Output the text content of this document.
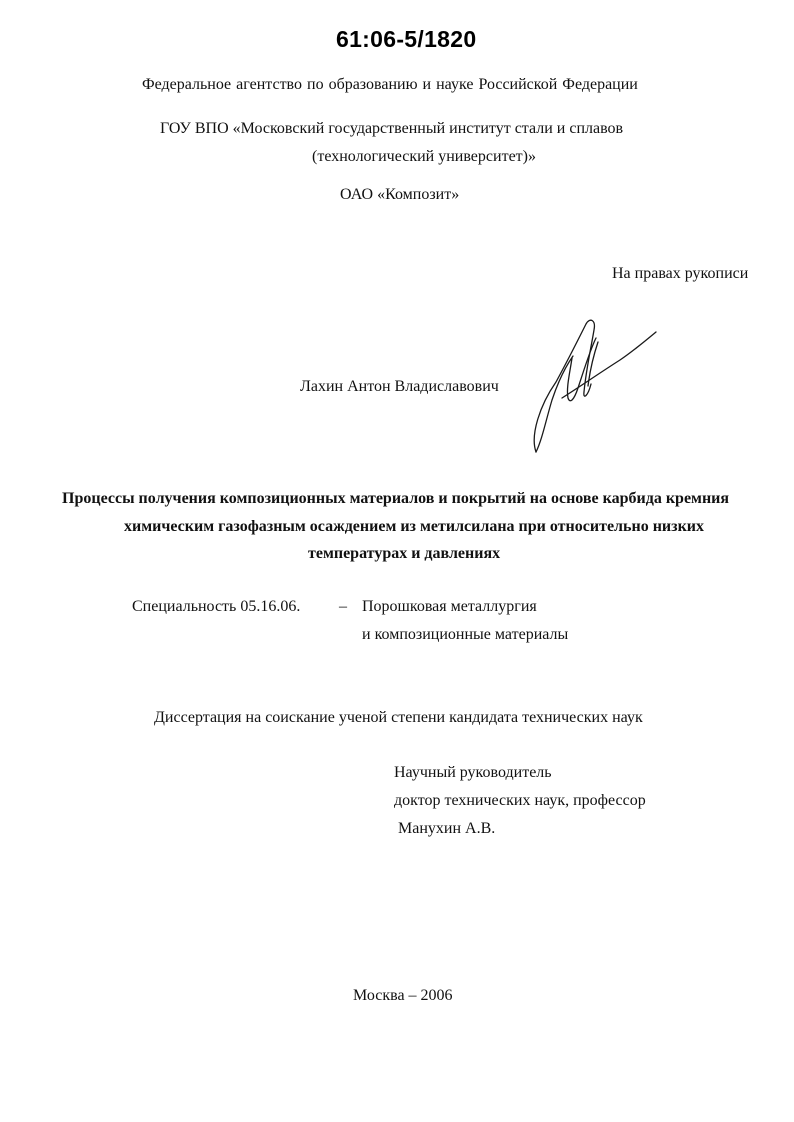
61:06-5/1820
Федеральное агентство по образованию и науке Российской Федерации
ГОУ ВПО «Московский государственный институт стали и сплавов
(технологический университет)»
ОАО «Композит»
На правах рукописи
Лахин Антон Владиславович
Процессы получения композиционных материалов и покрытий на основе карбида кремния
химическим газофазным осаждением из метилсилана при относительно низких
температурах и давлениях
Специальность 05.16.06.	– Порошковая металлургия
и композиционные материалы
Диссертация на соискание ученой степени кандидата технических наук
Научный руководитель
доктор технических наук, профессор
Манухин А.В.
Москва – 2006
